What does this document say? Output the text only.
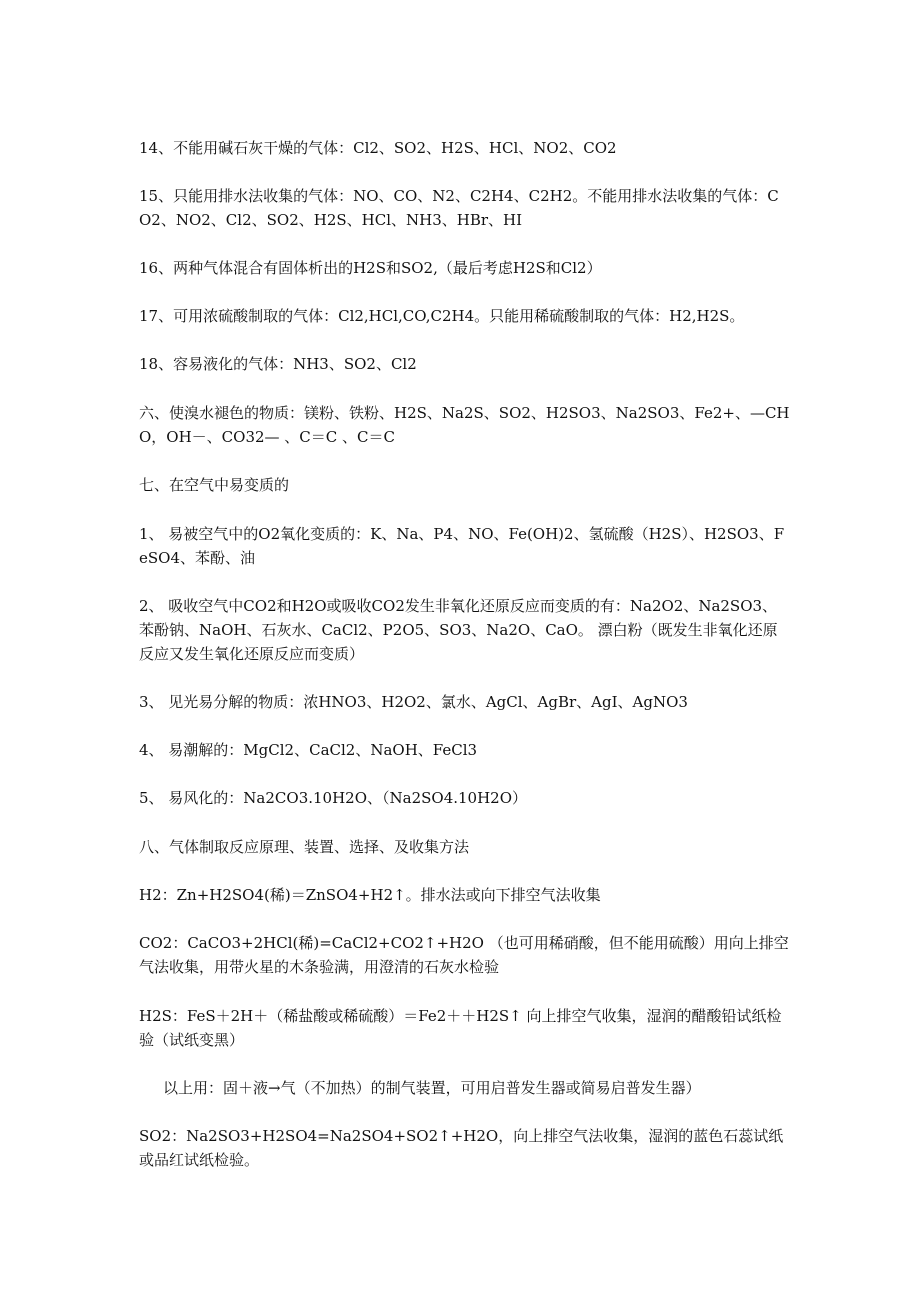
14、不能用碱石灰干燥的气体：Cl2、SO2、H2S、HCl、NO2、CO2

15、只能用排水法收集的气体：NO、CO、N2、C2H4、C2H2。不能用排水法收集的气体：CO2、NO2、Cl2、SO2、H2S、HCl、NH3、HBr、HI

16、两种气体混合有固体析出的H2S和SO2,（最后考虑H2S和Cl2）

17、可用浓硫酸制取的气体：Cl2,HCl,CO,C2H4。只能用稀硫酸制取的气体：H2,H2S。

18、容易液化的气体：NH3、SO2、Cl2

六、使溴水褪色的物质：镁粉、铁粉、H2S、Na2S、SO2、H2SO3、Na2SO3、Fe2+、—CHO，OH－、CO32— 、C＝C 、C＝C

七、在空气中易变质的

1、 易被空气中的O2氧化变质的：K、Na、P4、NO、Fe(OH)2、氢硫酸（H2S）、H2SO3、FeSO4、苯酚、油

2、 吸收空气中CO2和H2O或吸收CO2发生非氧化还原反应而变质的有：Na2O2、Na2SO3、苯酚钠、NaOH、石灰水、CaCl2、P2O5、SO3、Na2O、CaO。 漂白粉（既发生非氧化还原反应又发生氧化还原反应而变质）

3、 见光易分解的物质：浓HNO3、H2O2、氯水、AgCl、AgBr、AgI、AgNO3

4、 易潮解的：MgCl2、CaCl2、NaOH、FeCl3

5、 易风化的：Na2CO3.10H2O、（Na2SO4.10H2O）

八、气体制取反应原理、装置、选择、及收集方法

H2：Zn+H2SO4(稀)＝ZnSO4+H2↑。排水法或向下排空气法收集

CO2：CaCO3+2HCl(稀)=CaCl2+CO2↑+H2O （也可用稀硝酸，但不能用硫酸）用向上排空气法收集，用带火星的木条验满，用澄清的石灰水检验

H2S：FeS＋2H＋（稀盐酸或稀硫酸）＝Fe2＋＋H2S↑ 向上排空气收集，湿润的醋酸铅试纸检验（试纸变黑）

以上用：固＋液→气（不加热）的制气装置，可用启普发生器或简易启普发生器）

SO2：Na2SO3+H2SO4=Na2SO4+SO2↑+H2O，向上排空气法收集，湿润的蓝色石蕊试纸或品红试纸检验。
